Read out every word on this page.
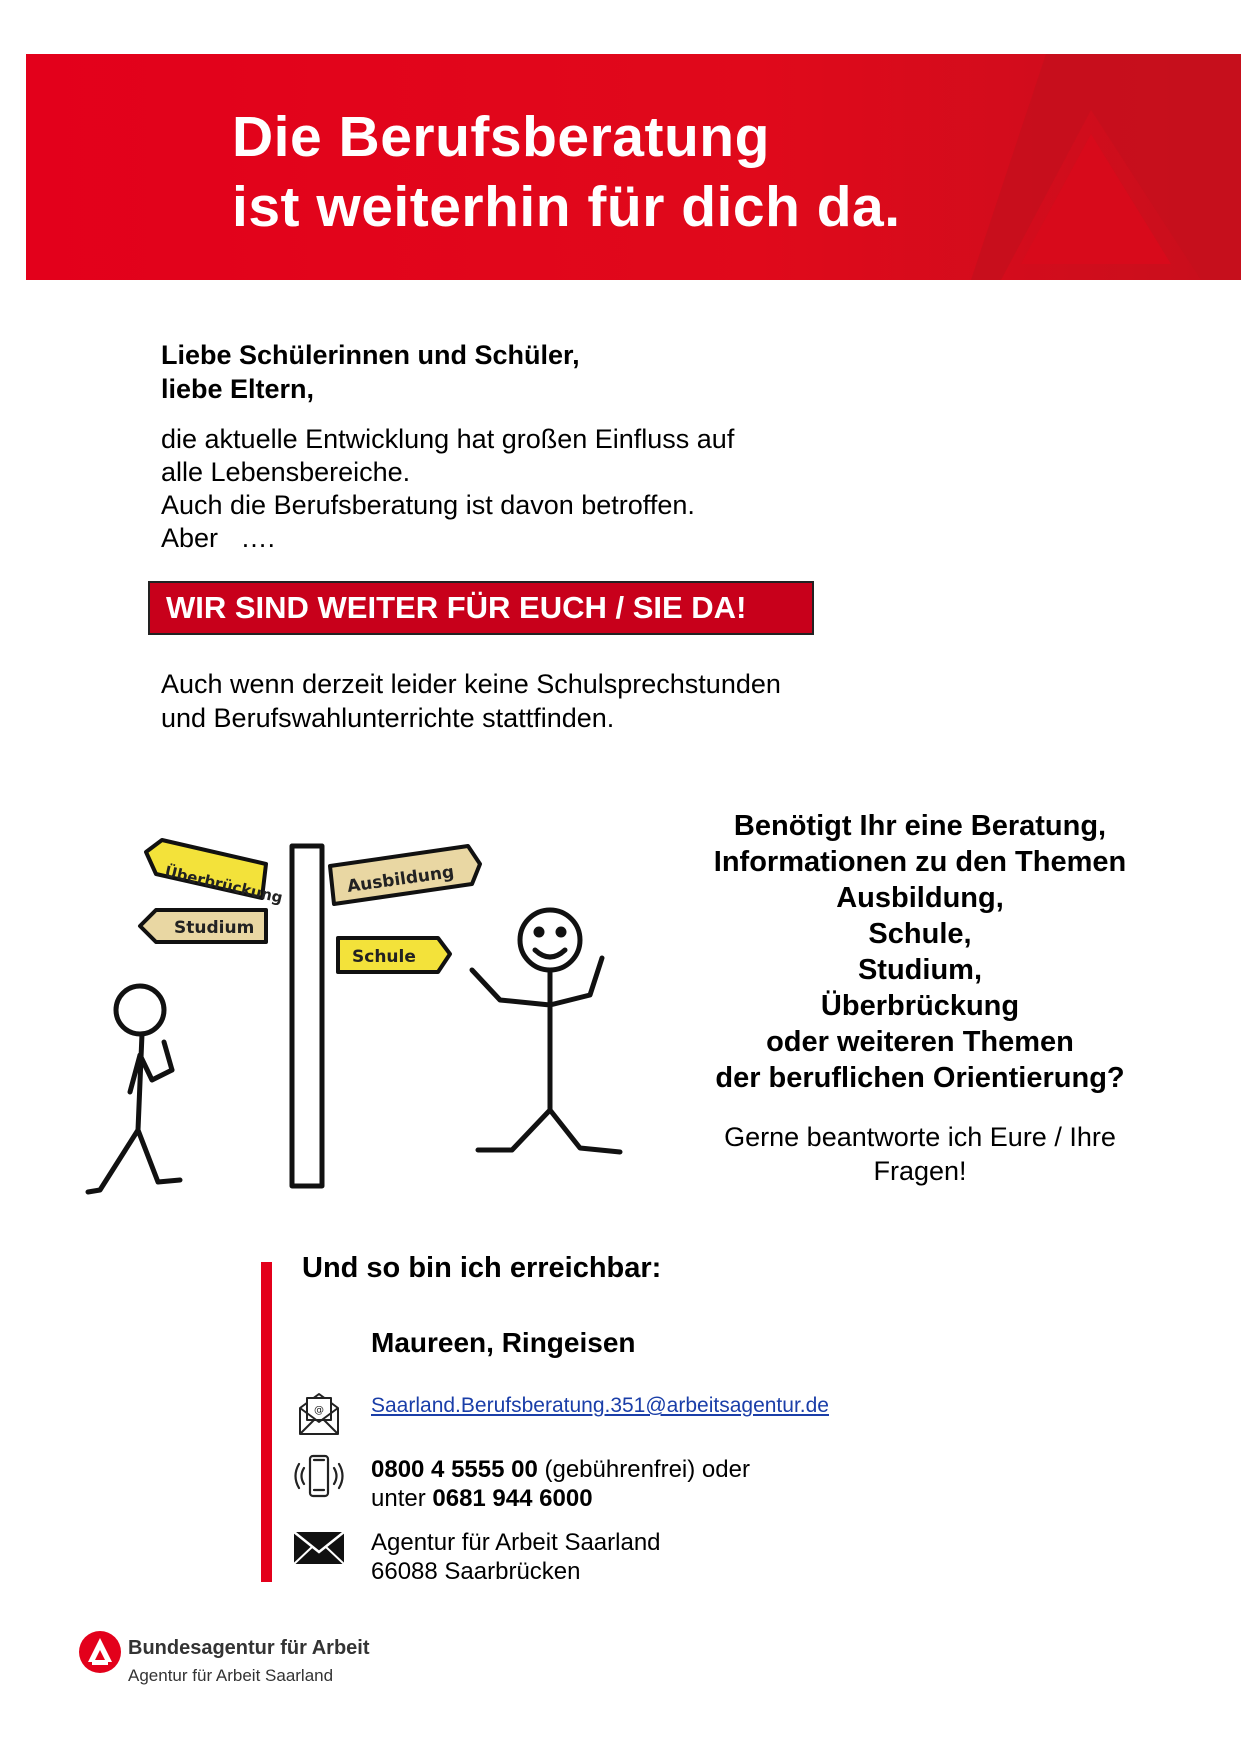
Die Berufsberatung
ist weiterhin für dich da.
Liebe Schülerinnen und Schüler,
liebe Eltern,
die aktuelle Entwicklung hat großen Einfluss auf
alle Lebensbereiche.
Auch die Berufsberatung ist davon betroffen.
Aber   ….
WIR SIND WEITER FÜR EUCH / SIE DA!
Auch wenn derzeit leider keine Schulsprechstunden
und Berufswahlunterrichte stattfinden.
Überbrückung	Ausbildung
Studium
Schule
Benötigt Ihr eine Beratung,
Informationen zu den Themen
Ausbildung,
Schule,
Studium,
Überbrückung
oder weiteren Themen
der beruflichen Orientierung?
Gerne beantworte ich Eure / Ihre Fragen!
Und so bin ich erreichbar:
Maureen, Ringeisen
@ Saarland.Berufsberatung.351@arbeitsagentur.de
0800 4 5555 00 (gebührenfrei) oder
unter 0681 944 6000
Agentur für Arbeit Saarland
66088 Saarbrücken
Bundesagentur für Arbeit
Agentur für Arbeit Saarland
